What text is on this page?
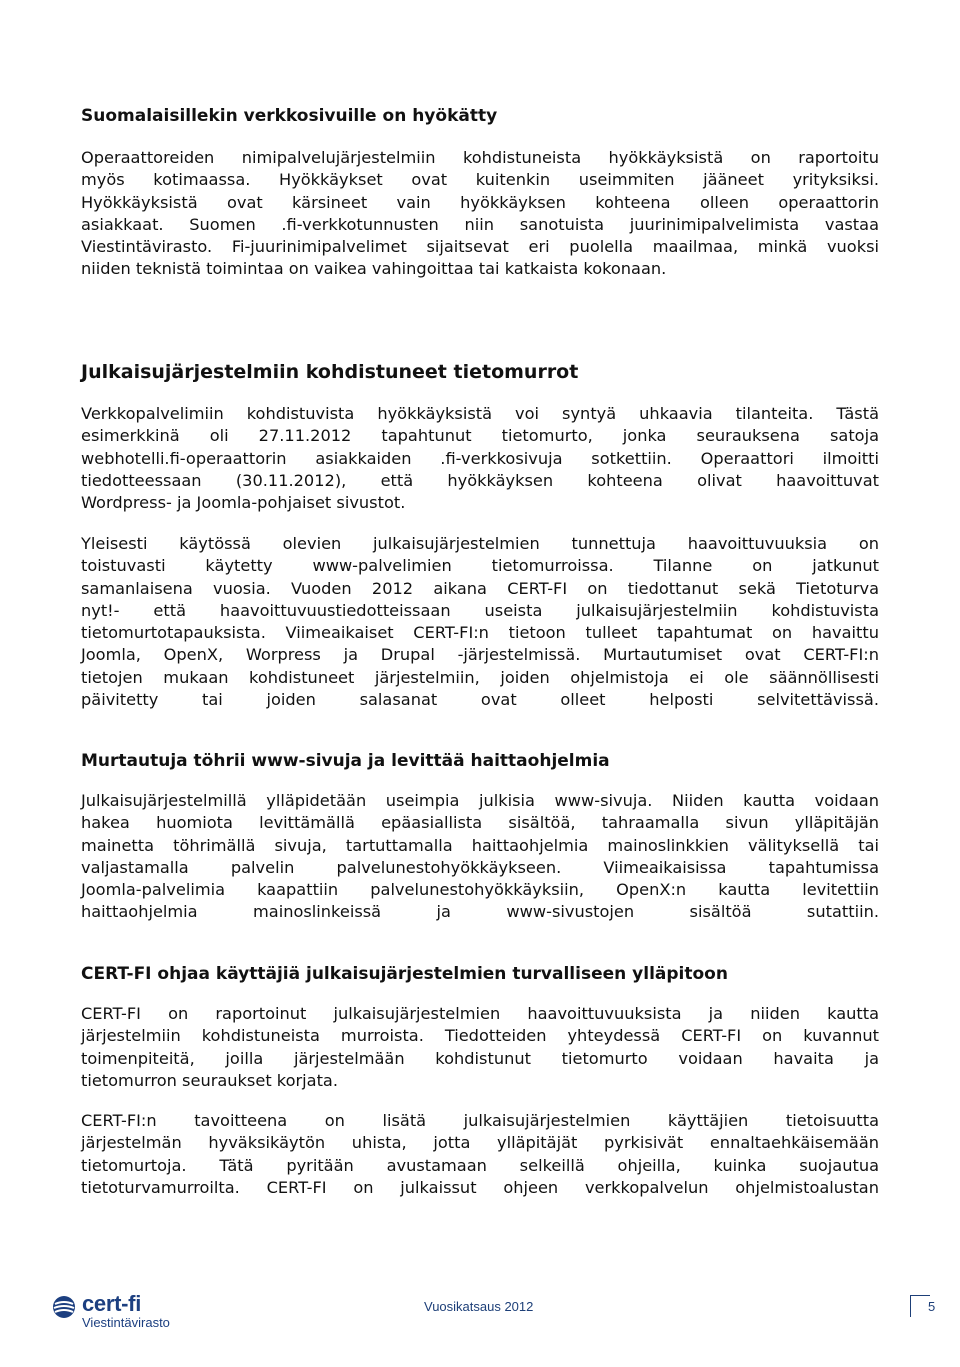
Suomalaisillekin verkkosivuille on hyökätty
Operaattoreiden nimipalvelujärjestelmiin kohdistuneista hyökkäyksistä on raportoitu
myös kotimaassa. Hyökkäykset ovat kuitenkin useimmiten jääneet yrityksiksi.
Hyökkäyksistä ovat kärsineet vain hyökkäyksen kohteena olleen operaattorin
asiakkaat. Suomen .fi-verkkotunnusten niin sanotuista juurinimipalvelimista vastaa
Viestintävirasto. Fi-juurinimipalvelimet sijaitsevat eri puolella maailmaa, minkä vuoksi
niiden teknistä toimintaa on vaikea vahingoittaa tai katkaista kokonaan.
Julkaisujärjestelmiin kohdistuneet tietomurrot
Verkkopalvelimiin kohdistuvista hyökkäyksistä voi syntyä uhkaavia tilanteita. Tästä
esimerkkinä oli 27.11.2012 tapahtunut tietomurto, jonka seurauksena satoja
webhotelli.fi-operaattorin asiakkaiden .fi-verkkosivuja sotkettiin. Operaattori ilmoitti
tiedotteessaan (30.11.2012), että hyökkäyksen kohteena olivat haavoittuvat
Wordpress- ja Joomla-pohjaiset sivustot.
Yleisesti käytössä olevien julkaisujärjestelmien tunnettuja haavoittuvuuksia on
toistuvasti käytetty www-palvelimien tietomurroissa. Tilanne on jatkunut
samanlaisena vuosia. Vuoden 2012 aikana CERT-FI on tiedottanut sekä Tietoturva
nyt!- että haavoittuvuustiedotteissaan useista julkaisujärjestelmiin kohdistuvista
tietomurtotapauksista. Viimeaikaiset CERT-FI:n tietoon tulleet tapahtumat on havaittu
Joomla, OpenX, Worpress ja Drupal -järjestelmissä. Murtautumiset ovat CERT-FI:n
tietojen mukaan kohdistuneet järjestelmiin, joiden ohjelmistoja ei ole säännöllisesti
päivitetty tai joiden salasanat ovat olleet helposti selvitettävissä.
Murtautuja töhrii www-sivuja ja levittää haittaohjelmia
Julkaisujärjestelmillä ylläpidetään useimpia julkisia www-sivuja. Niiden kautta voidaan
hakea huomiota levittämällä epäasiallista sisältöä, tahraamalla sivun ylläpitäjän
mainetta töhrimällä sivuja, tartuttamalla haittaohjelmia mainoslinkkien välityksellä tai
valjastamalla palvelin palvelunestohyökkäykseen. Viimeaikaisissa tapahtumissa
Joomla-palvelimia kaapattiin palvelunestohyökkäyksiin, OpenX:n kautta levitettiin
haittaohjelmia mainoslinkeissä ja www-sivustojen sisältöä sutattiin.
CERT-FI ohjaa käyttäjiä julkaisujärjestelmien turvalliseen ylläpitoon
CERT-FI on raportoinut julkaisujärjestelmien haavoittuvuuksista ja niiden kautta
järjestelmiin kohdistuneista murroista. Tiedotteiden yhteydessä CERT-FI on kuvannut
toimenpiteitä, joilla järjestelmään kohdistunut tietomurto voidaan havaita ja
tietomurron seuraukset korjata.
CERT-FI:n tavoitteena on lisätä julkaisujärjestelmien käyttäjien tietoisuutta
järjestelmän hyväksikäytön uhista, jotta ylläpitäjät pyrkisivät ennaltaehkäisemään
tietomurtoja. Tätä pyritään avustamaan selkeillä ohjeilla, kuinka suojautua
tietoturvamurroilta. CERT-FI on julkaissut ohjeen verkkopalvelun ohjelmistoalustan
cert-fi
Viestintävirasto
Vuosikatsaus 2012	5
